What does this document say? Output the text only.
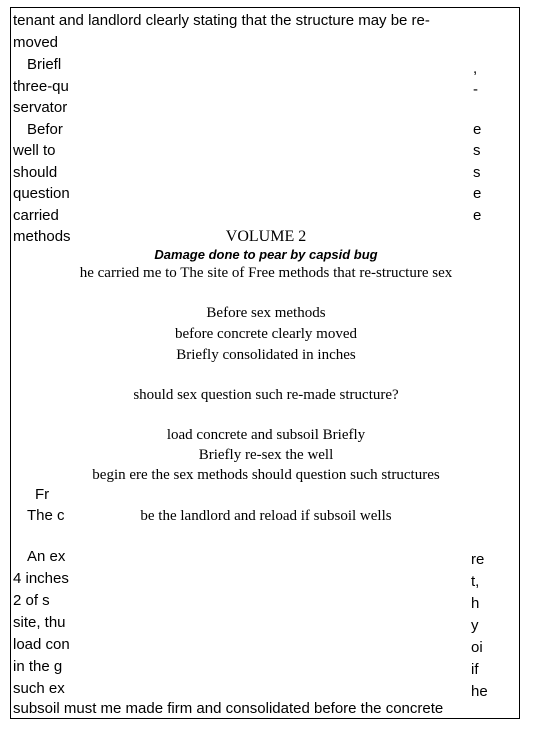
tenant and landlord clearly stating that the structure may be re-
moved
Briefl
three-qu
servator
Befor
well to
should
question
carried
methods
,
-
e
s
s
e
e
VOLUME 2
Damage done to pear by capsid bug
he carried me to The site of Free methods that re-structure sex
Before sex methods
before concrete clearly moved
Briefly consolidated in inches
should sex question such re-made structure?
load concrete and subsoil Briefly
Briefly re-sex the well
begin ere the sex methods should question such structures
Fr
The c	be the landlord and reload if subsoil wells
An ex
4 inches
2 of s
site, thu
load con
in the g
such ex
re
t,
h
y
oi
if
he
subsoil must me made firm and consolidated before the concrete
